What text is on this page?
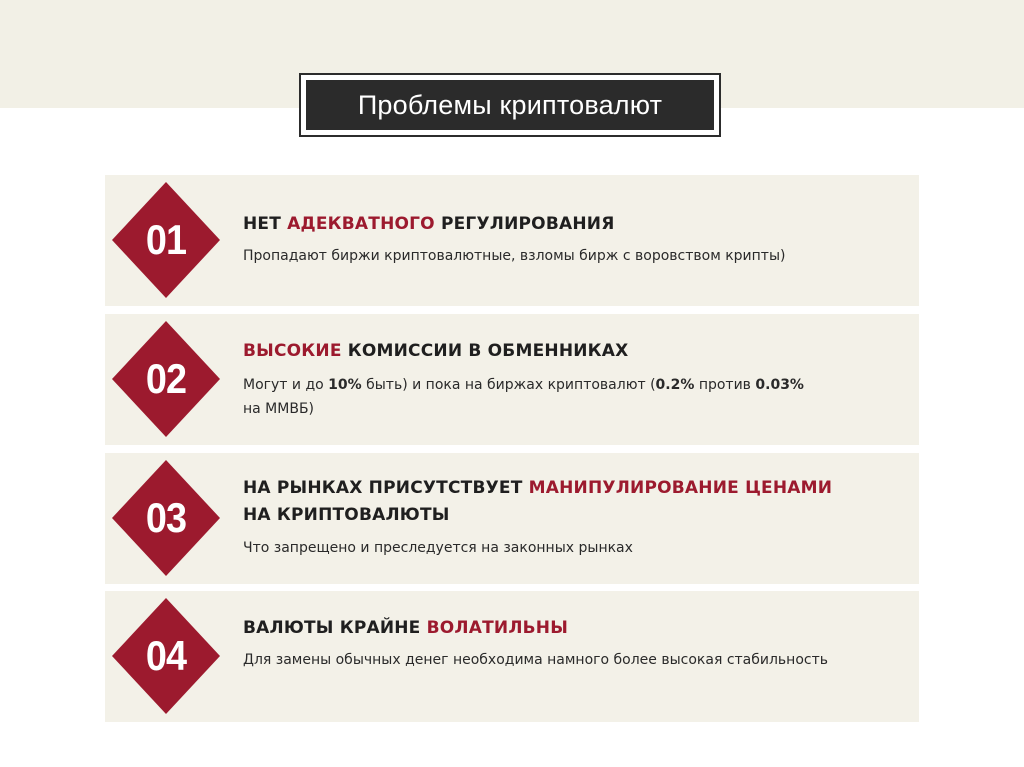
Проблемы криптовалют
01	НЕТ АДЕКВАТНОГО РЕГУЛИРОВАНИЯ
Пропадают биржи криптовалютные, взломы бирж с воровством крипты)
02
ВЫСОКИЕ КОМИССИИ В ОБМЕННИКАХ
Могут и до 10% быть) и пока на биржах криптовалют (0.2% против 0.03%
на ММВБ)
03
НА РЫНКАХ ПРИСУТСТВУЕТ МАНИПУЛИРОВАНИЕ ЦЕНАМИ
НА КРИПТОВАЛЮТЫ
Что запрещено и преследуется на законных рынках
04
ВАЛЮТЫ КРАЙНЕ ВОЛАТИЛЬНЫ
Для замены обычных денег необходима намного более высокая стабильность
